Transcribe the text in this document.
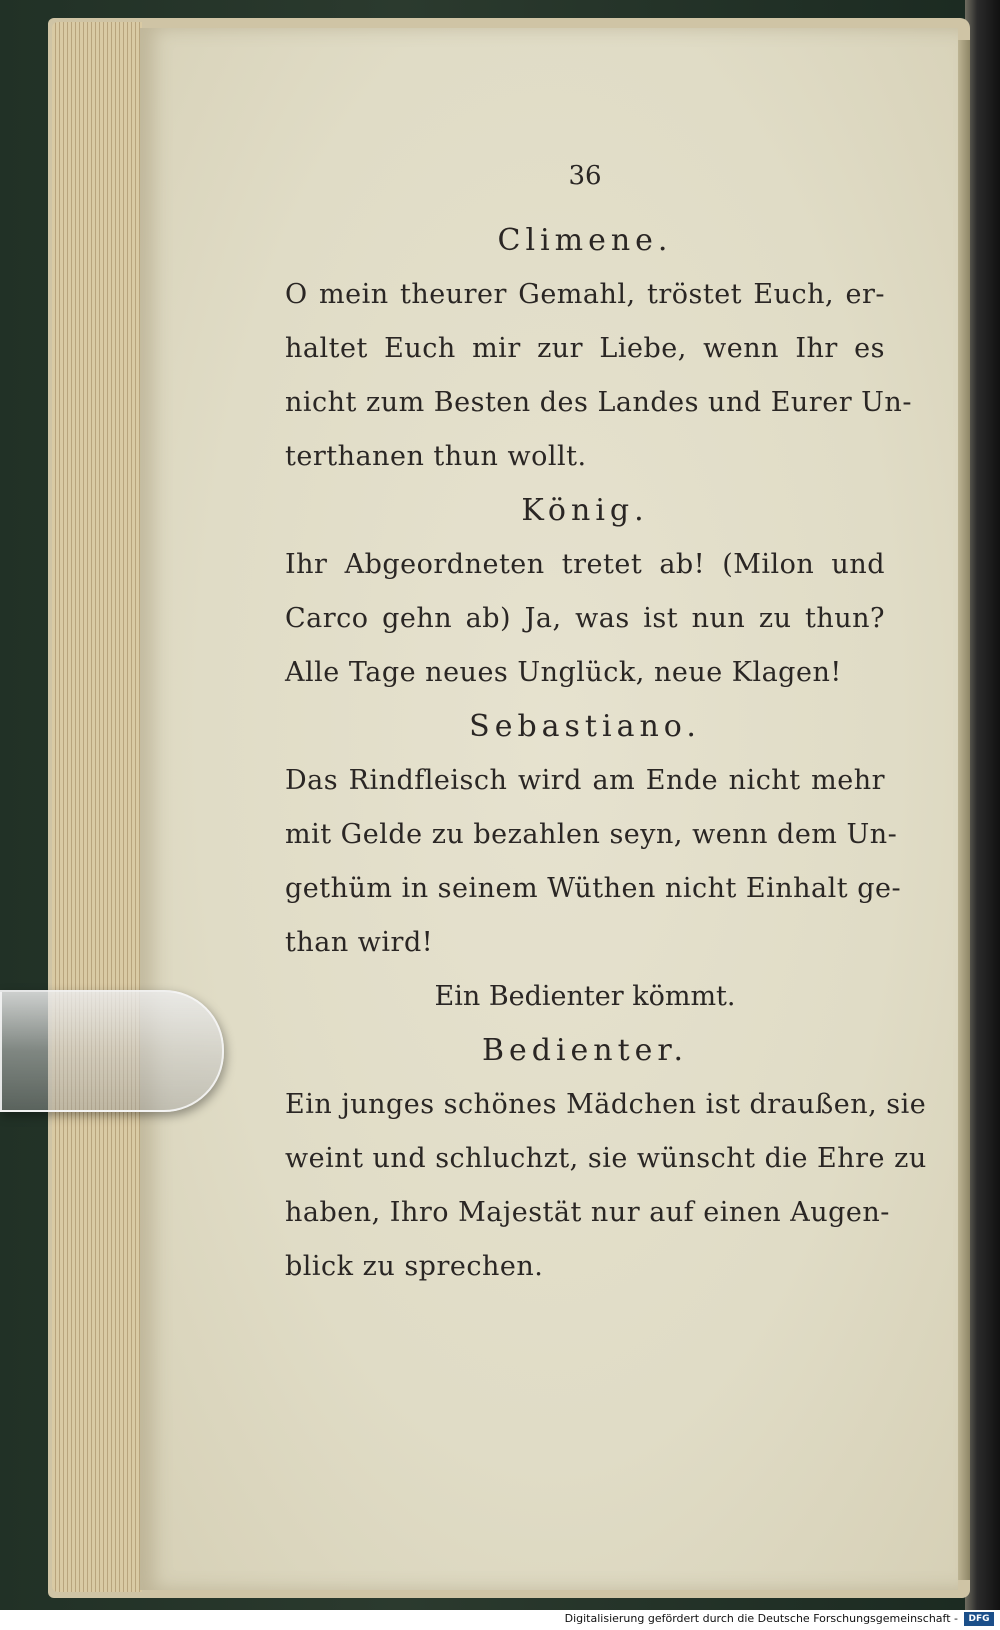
36
Climene.
O mein theurer Gemahl, tröstet Euch, er-
haltet Euch mir zur Liebe, wenn Ihr es
nicht zum Besten des Landes und Eurer Un-
terthanen thun wollt.
König.
Ihr Abgeordneten tretet ab! (Milon und
Carco gehn ab) Ja, was ist nun zu thun?
Alle Tage neues Unglück, neue Klagen!
Sebastiano.
Das Rindfleisch wird am Ende nicht mehr
mit Gelde zu bezahlen seyn, wenn dem Un-
gethüm in seinem Wüthen nicht Einhalt ge-
than wird!
Ein Bedienter kömmt.
Bedienter.
Ein junges schönes Mädchen ist draußen, sie
weint und schluchzt, sie wünscht die Ehre zu
haben, Ihro Majestät nur auf einen Augen-
blick zu sprechen.
Digitalisierung gefördert durch die Deutsche Forschungsgemeinschaft -	DFG
